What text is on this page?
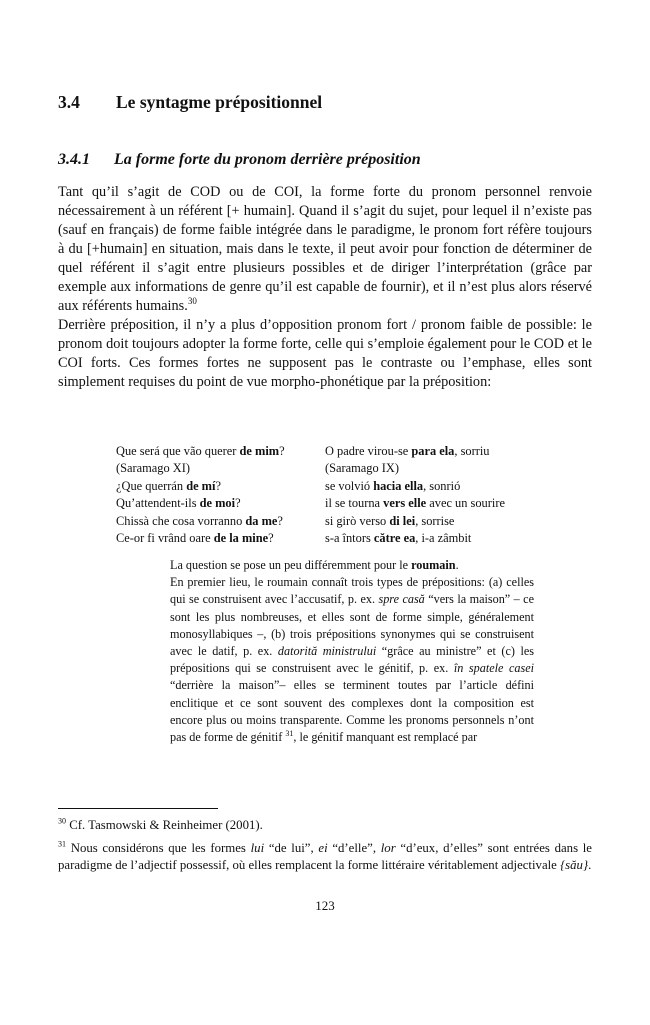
3.4 Le syntagme prépositionnel
3.4.1 La forme forte du pronom derrière préposition

Tant qu’il s’agit de COD ou de COI, la forme forte du pronom personnel renvoie nécessairement à un référent [+ humain]. Quand il s’agit du sujet, pour lequel il n’existe pas (sauf en français) de forme faible intégrée dans le paradigme, le pronom fort réfère toujours à du [+humain] en situation, mais dans le texte, il peut avoir pour fonction de déterminer de quel référent il s’agit entre plusieurs possibles et de diriger l’interprétation (grâce par exemple aux informations de genre qu’il est capable de fournir), et il n’est plus alors réservé aux référents humains.$^{30}$

Derrière préposition, il n’y a plus d’opposition pronom fort / pronom faible de possible: le pronom doit toujours adopter la forme forte, celle qui s’emploie également pour le COD et le COI forts. Ces formes fortes ne supposent pas le contraste ou l’emphase, elles sont simplement requises du point de vue morpho-phonétique par la préposition:

Que será que vão querer de mim?	O padre virou-se para ela, sorriu
(Saramago XI)	(Saramago IX)
¿Que querrán de mí?	se volvió hacia ella, sonrió
Qu’attendent-ils de moi?	il se tourna vers elle avec un sourire
Chissà che cosa vorranno da me?	si girò verso di lei, sorrise
Ce-or fi vrând oare de la mine?	s-a întors către ea, i-a zâmbit

La question se pose un peu différemment pour le roumain.

En premier lieu, le roumain connaît trois types de prépositions: (a) celles qui se construisent avec l’accusatif, p. ex. spre casă “vers la maison” – ce sont les plus nombreuses, et elles sont de forme simple, généralement monosyllabiques –, (b) trois prépositions synonymes qui se construisent avec le datif, p. ex. datorită ministrului “grâce au ministre” et (c) les prépositions qui se construisent avec le génitif, p. ex. în spatele casei “derrière la maison”– elles se terminent toutes par l’article défini enclitique et ce sont souvent des complexes dont la composition est encore plus ou moins transparente. Comme les pronoms personnels n’ont pas de forme de génitif $^{31}$, le génitif manquant est remplacé par

$^{30}$ Cf. Tasmowski & Reinheimer (2001).

$^{31}$ Nous considérons que les formes lui “de lui”, ei “d’elle”, lor “d’eux, d’elles” sont entrées dans le paradigme de l’adjectif possessif, où elles remplacent la forme littéraire véritablement adjectivale {său}.

123
